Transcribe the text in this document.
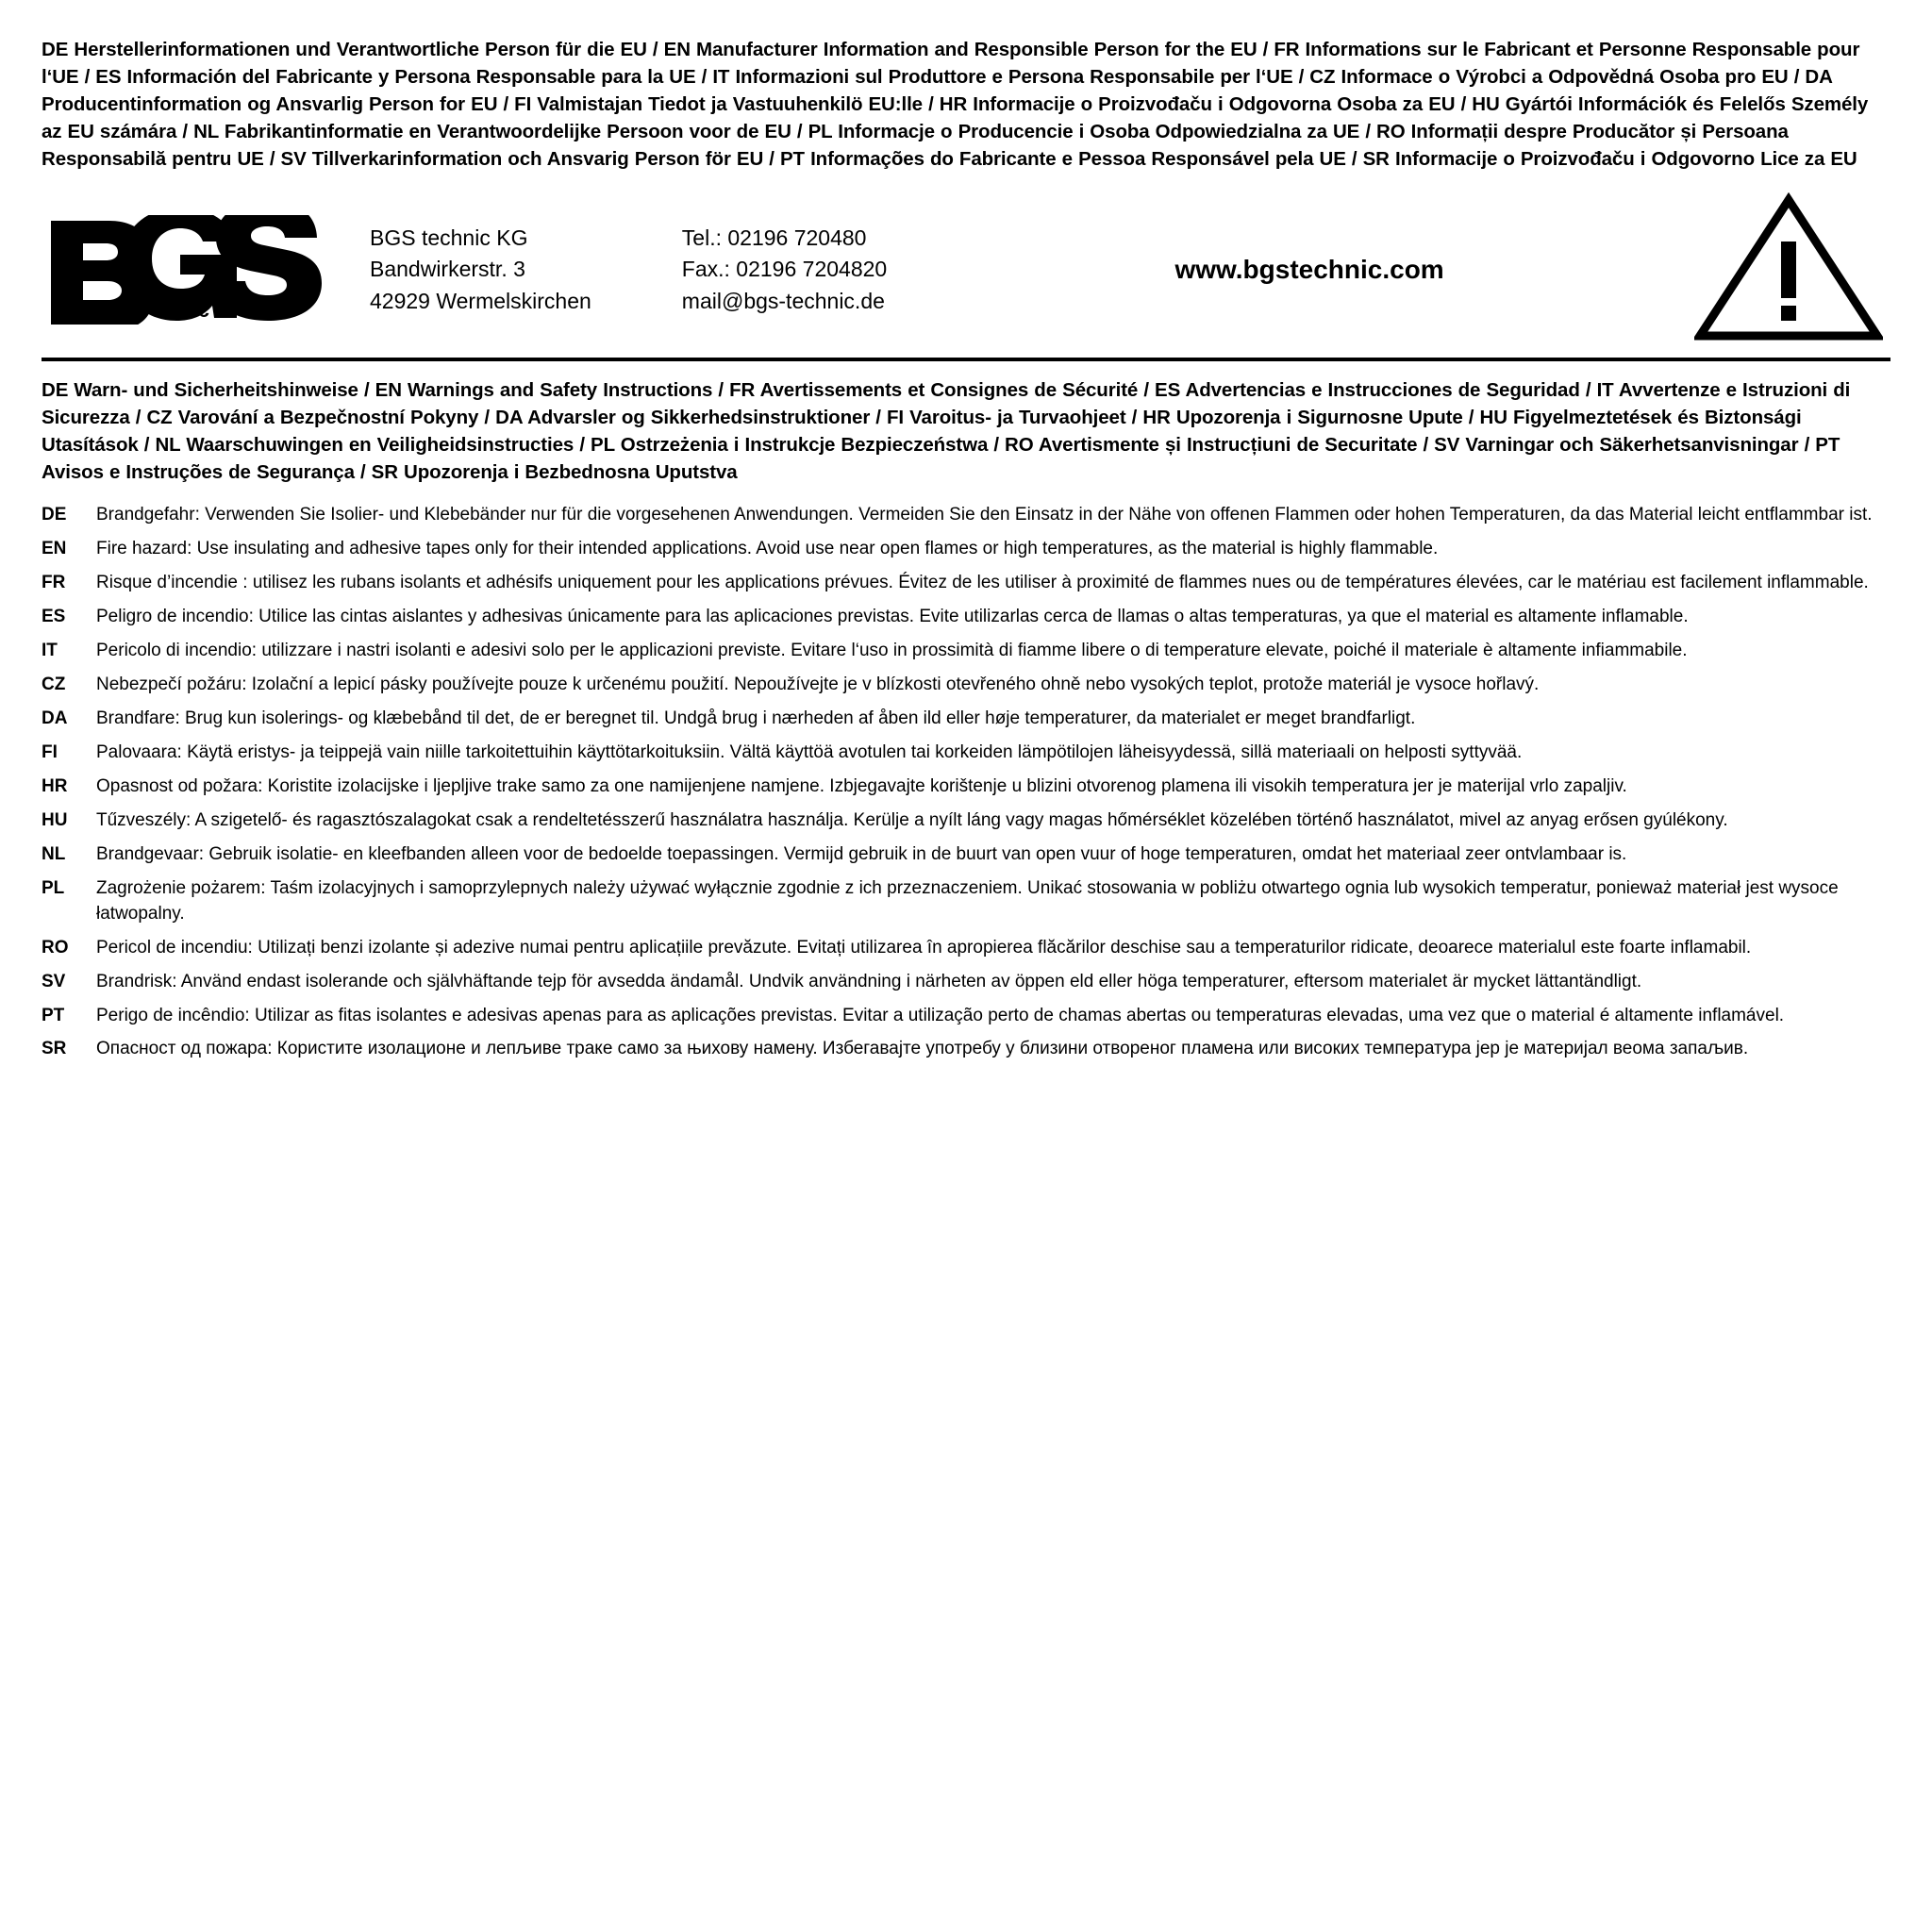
DE Herstellerinformationen und Verantwortliche Person für die EU / EN Manufacturer Information and Responsible Person for the EU / FR Informations sur le Fabricant et Personne Responsable pour l‘UE / ES Información del Fabricante y Persona Responsable para la UE / IT Informazioni sul Produttore e Persona Responsabile per l‘UE / CZ Informace o Výrobci a Odpovědná Osoba pro EU / DA Producentinformation og Ansvarlig Person for EU / FI Valmistajan Tiedot ja Vastuuhenkilö EU:lle / HR Informacije o Proizvođaču i Odgovorna Osoba za EU / HU Gyártói Információk és Felelős Személy az EU számára / NL Fabrikantinformatie en Verantwoordelijke Persoon voor de EU / PL Informacje o Producencie i Osoba Odpowiedzialna za UE / RO Informații despre Producător și Persoana Responsabilă pentru UE / SV Tillverkarinformation och Ansvarig Person för EU / PT Informações do Fabricante e Pessoa Responsável pela UE / SR Informacije o Proizvođaču i Odgovorno Lice za EU
®
t e c h n i c
BGS technic KG
Bandwirkerstr. 3
42929 Wermelskirchen
Tel.: 02196 720480
Fax.: 02196 7204820
mail@bgs-technic.de
www.bgstechnic.com
DE Warn- und Sicherheitshinweise / EN Warnings and Safety Instructions / FR Avertissements et Consignes de Sécurité / ES Advertencias e Instrucciones de Seguridad / IT Avvertenze e Istruzioni di Sicurezza / CZ Varování a Bezpečnostní Pokyny / DA Advarsler og Sikkerhedsinstruktioner / FI Varoitus- ja Turvaohjeet / HR Upozorenja i Sigurnosne Upute / HU Figyelmeztetések és Biztonsági Utasítások / NL Waarschuwingen en Veiligheidsinstructies / PL Ostrzeżenia i Instrukcje Bezpieczeństwa / RO Avertismente și Instrucțiuni de Securitate / SV Varningar och Säkerhetsanvisningar / PT Avisos e Instruções de Segurança / SR Upozorenja i Bezbednosna Uputstva
DE	Brandgefahr: Verwenden Sie Isolier- und Klebebänder nur für die vorgesehenen Anwendungen. Vermeiden Sie den Einsatz in der Nähe von offenen Flammen oder hohen Temperaturen, da das Material leicht entflammbar ist.
EN	Fire hazard: Use insulating and adhesive tapes only for their intended applications. Avoid use near open flames or high temperatures, as the material is highly flammable.
FR	Risque d’incendie : utilisez les rubans isolants et adhésifs uniquement pour les applications prévues. Évitez de les utiliser à proximité de flammes nues ou de températures élevées, car le matériau est facilement inflammable.
ES	Peligro de incendio: Utilice las cintas aislantes y adhesivas únicamente para las aplicaciones previstas. Evite utilizarlas cerca de llamas o altas temperaturas, ya que el material es altamente inflamable.
IT	Pericolo di incendio: utilizzare i nastri isolanti e adesivi solo per le applicazioni previste. Evitare l‘uso in prossimità di fiamme libere o di temperature elevate, poiché il materiale è altamente infiammabile.
CZ	Nebezpečí požáru: Izolační a lepicí pásky používejte pouze k určenému použití. Nepoužívejte je v blízkosti otevřeného ohně nebo vysokých teplot, protože materiál je vysoce hořlavý.
DA	Brandfare: Brug kun isolerings- og klæbebånd til det, de er beregnet til. Undgå brug i nærheden af åben ild eller høje temperaturer, da materialet er meget brandfarligt.
FI	Palovaara: Käytä eristys- ja teippejä vain niille tarkoitettuihin käyttötarkoituksiin. Vältä käyttöä avotulen tai korkeiden lämpötilojen läheisyydessä, sillä materiaali on helposti syttyvää.
HR	Opasnost od požara: Koristite izolacijske i ljepljive trake samo za one namijenjene namjene. Izbjegavajte korištenje u blizini otvorenog plamena ili visokih temperatura jer je materijal vrlo zapaljiv.
HU	Tűzveszély: A szigetelő- és ragasztószalagokat csak a rendeltetésszerű használatra használja. Kerülje a nyílt láng vagy magas hőmérséklet közelében történő használatot, mivel az anyag erősen gyúlékony.
NL	Brandgevaar: Gebruik isolatie- en kleefbanden alleen voor de bedoelde toepassingen. Vermijd gebruik in de buurt van open vuur of hoge temperaturen, omdat het materiaal zeer ontvlambaar is.
PL	Zagrożenie pożarem: Taśm izolacyjnych i samoprzylepnych należy używać wyłącznie zgodnie z ich przeznaczeniem. Unikać stosowania w pobliżu otwartego ognia lub wysokich temperatur, ponieważ materiał jest wysoce łatwopalny.
RO	Pericol de incendiu: Utilizați benzi izolante și adezive numai pentru aplicațiile prevăzute. Evitați utilizarea în apropierea flăcărilor deschise sau a temperaturilor ridicate, deoarece materialul este foarte inflamabil.
SV	Brandrisk: Använd endast isolerande och självhäftande tejp för avsedda ändamål. Undvik användning i närheten av öppen eld eller höga temperaturer, eftersom materialet är mycket lättantändligt.
PT	Perigo de incêndio: Utilizar as fitas isolantes e adesivas apenas para as aplicações previstas. Evitar a utilização perto de chamas abertas ou temperaturas elevadas, uma vez que o material é altamente inflamável.
SR	Опасност од пожара: Користите изолационе и лепљиве траке само за њихову намену. Избегавајте употребу у близини отвореног пламена или високих температура јер је материјал веома запаљив.
